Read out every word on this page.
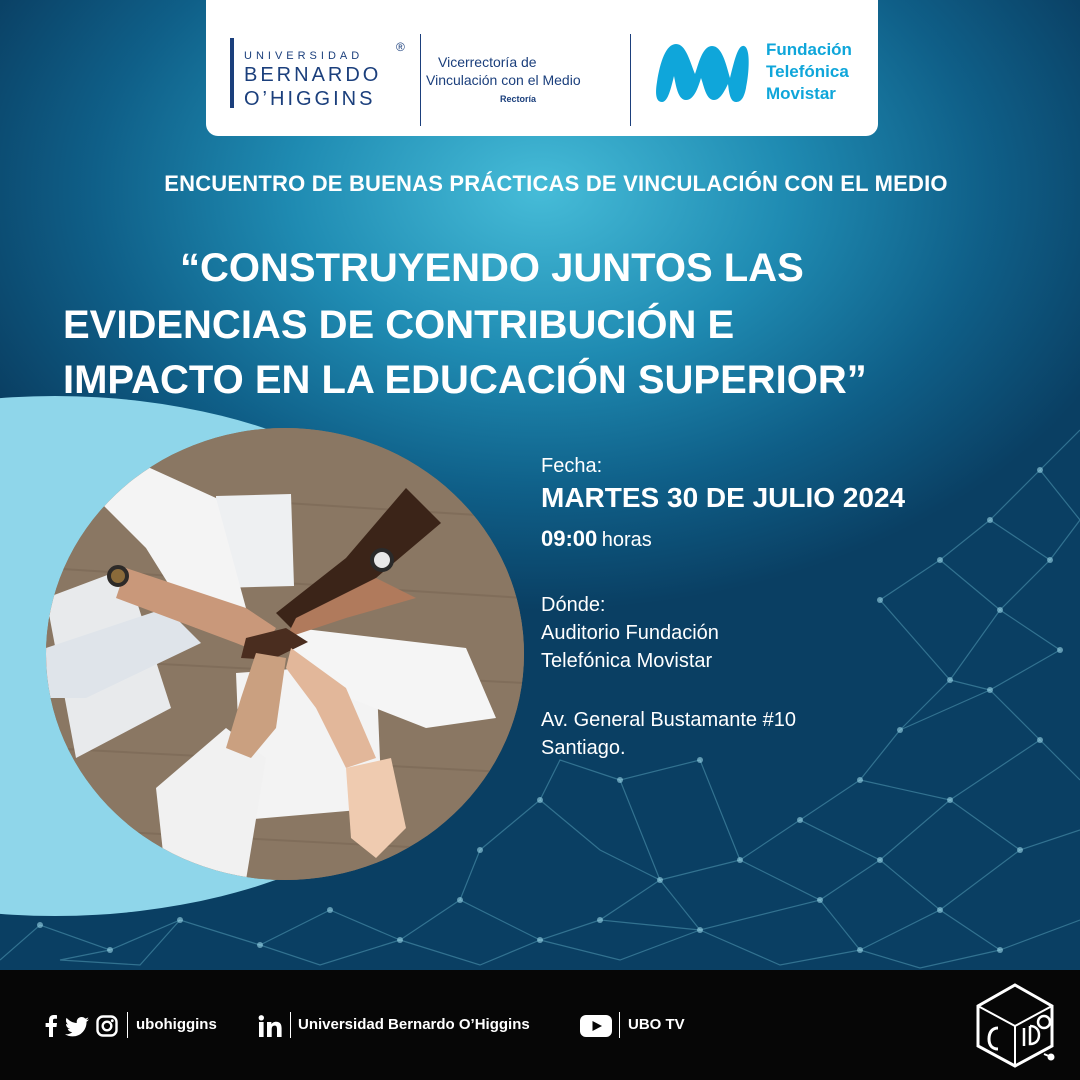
UNIVERSIDAD
BERNARDO
O’HIGGINS
®
Vicerrectoría de
Vinculación con el Medio
Rectoría
Fundación
Telefónica
Movistar
ENCUENTRO DE BUENAS PRÁCTICAS DE VINCULACIÓN CON EL MEDIO
“CONSTRUYENDO JUNTOS LAS
EVIDENCIAS DE CONTRIBUCIÓN E
IMPACTO EN LA EDUCACIÓN SUPERIOR”
Fecha:
MARTES 30 DE JULIO 2024
09:00 horas
Dónde:
Auditorio Fundación
Telefónica Movistar
Av. General Bustamante #10
Santiago.
ubohiggins	Universidad Bernardo O’Higgins	UBO TV
